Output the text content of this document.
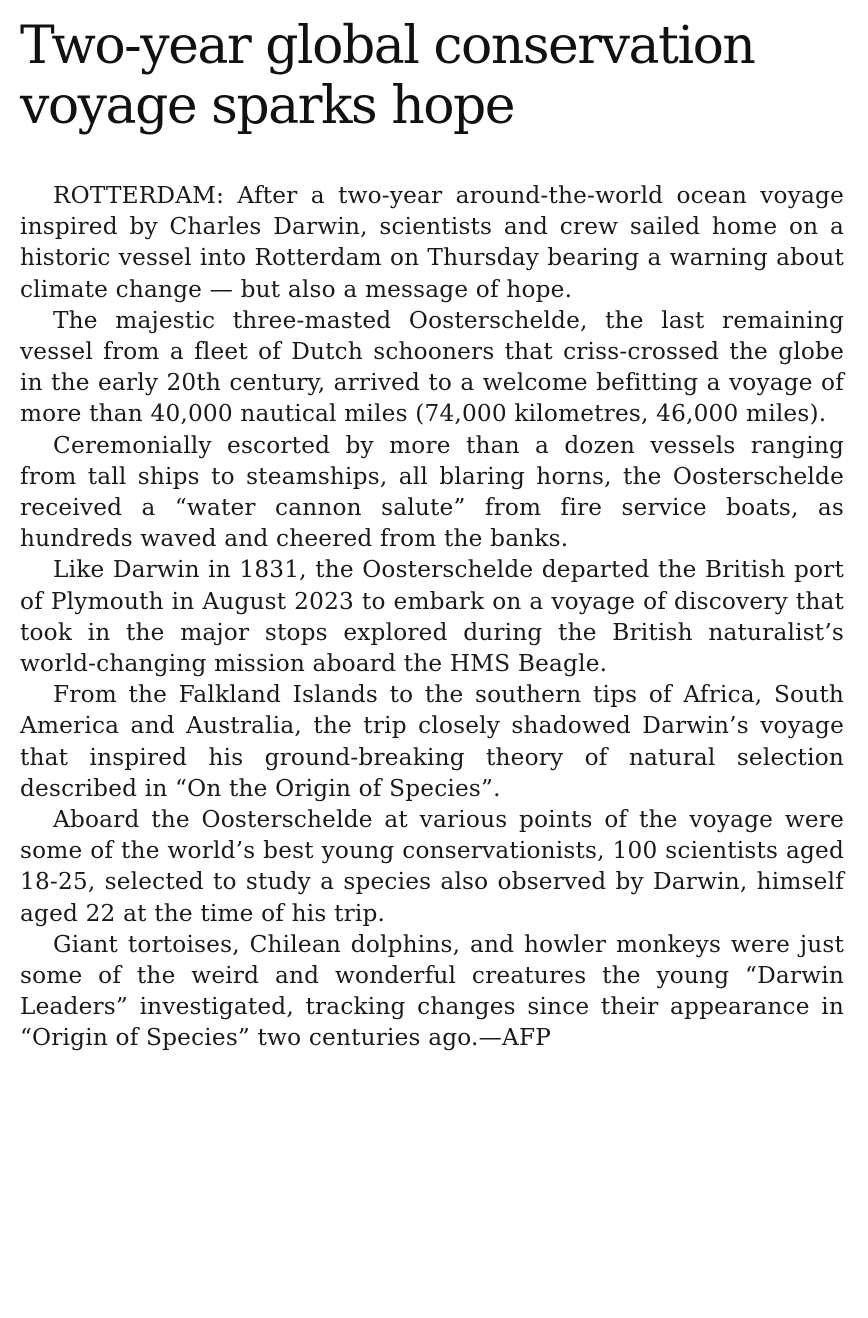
Two-year global conservation voyage sparks hope

ROTTERDAM: After a two-year around-the-world ocean voyage inspired by Charles Darwin, scientists and crew sailed home on a historic vessel into Rotterdam on Thursday bearing a warning about climate change — but also a message of hope.

The majestic three-masted Oosterschelde, the last remaining vessel from a fleet of Dutch schooners that criss-crossed the globe in the early 20th century, arrived to a welcome befitting a voyage of more than 40,000 nautical miles (74,000 kilometres, 46,000 miles).

Ceremonially escorted by more than a dozen vessels ranging from tall ships to steamships, all blaring horns, the Oosterschelde received a “water cannon salute” from fire service boats, as hundreds waved and cheered from the banks.

Like Darwin in 1831, the Oosterschelde departed the British port of Plymouth in August 2023 to embark on a voyage of discovery that took in the major stops explored during the British naturalist’s world-changing mission aboard the HMS Beagle.

From the Falkland Islands to the southern tips of Africa, South America and Australia, the trip closely shadowed Darwin’s voyage that inspired his ground-breaking theory of natural selection described in “On the Origin of Species”.

Aboard the Oosterschelde at various points of the voyage were some of the world’s best young conservationists, 100 scientists aged 18-25, selected to study a species also observed by Darwin, himself aged 22 at the time of his trip.

Giant tortoises, Chilean dolphins, and howler monkeys were just some of the weird and wonderful creatures the young “Darwin Leaders” investigated, tracking changes since their appearance in “Origin of Species” two centuries ago.—AFP
